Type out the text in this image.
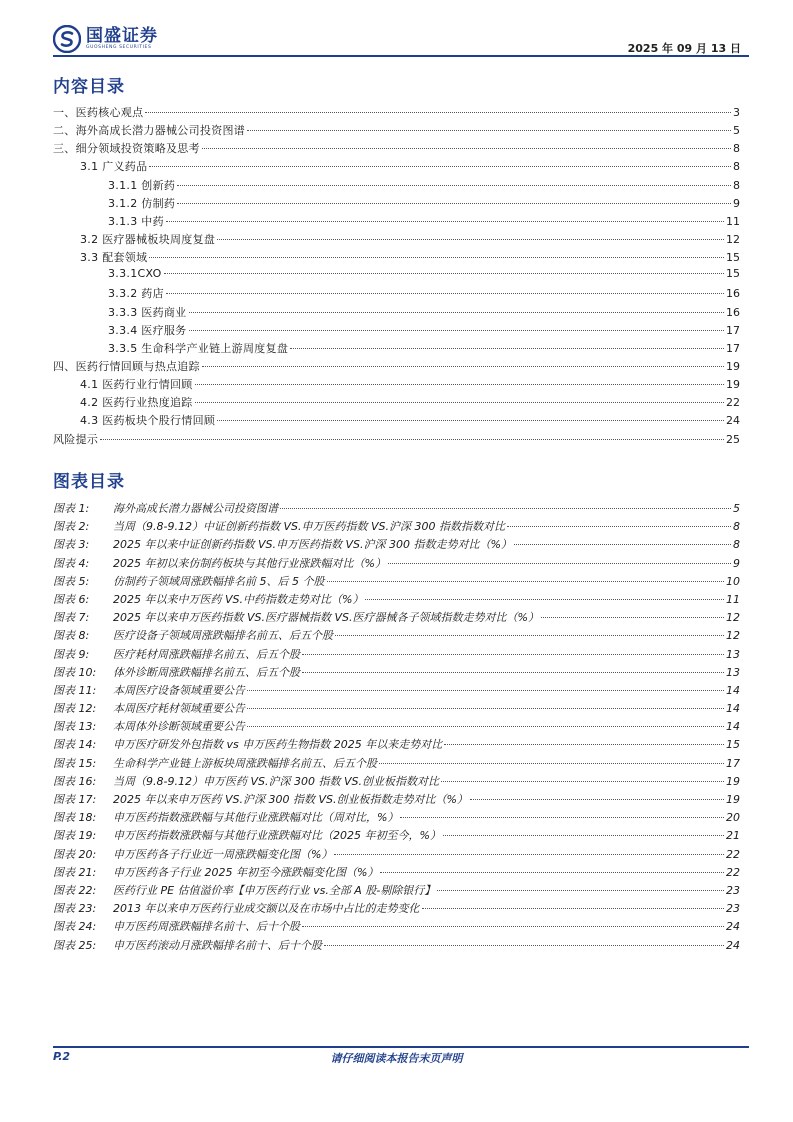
国盛证券
GUOSHENG SECURITIES	2025 年 09 月 13 日
内容目录
一、医药核心观点	3
二、海外高成长潜力器械公司投资图谱	5
三、细分领域投资策略及思考	8
3.1 广义药品	8
3.1.1 创新药	8
3.1.2 仿制药	9
3.1.3 中药	11
3.2 医疗器械板块周度复盘	12
3.3 配套领域	15
3.3.1CXO	15
3.3.2 药店	16
3.3.3 医药商业	16
3.3.4 医疗服务	17
3.3.5 生命科学产业链上游周度复盘	17
四、医药行情回顾与热点追踪	19
4.1 医药行业行情回顾	19
4.2 医药行业热度追踪	22
4.3 医药板块个股行情回顾	24
风险提示	25
图表目录
图表 1:	海外高成长潜力器械公司投资图谱	5
图表 2:	当周（9.8-9.12）中证创新药指数 VS.申万医药指数 VS.沪深 300 指数指数对比	8
图表 3:	2025 年以来中证创新药指数 VS.申万医药指数 VS.沪深 300 指数走势对比（%）	8
图表 4:	2025 年初以来仿制药板块与其他行业涨跌幅对比（%）	9
图表 5:	仿制药子领域周涨跌幅排名前 5、后 5 个股	10
图表 6:	2025 年以来中万医药 VS.中药指数走势对比（%）	11
图表 7:	2025 年以来申万医药指数 VS.医疗器械指数 VS.医疗器械各子领域指数走势对比（%）	12
图表 8:	医疗设备子领域周涨跌幅排名前五、后五个股	12
图表 9:	医疗耗材周涨跌幅排名前五、后五个股	13
图表 10:	体外诊断周涨跌幅排名前五、后五个股	13
图表 11:	本周医疗设备领域重要公告	14
图表 12:	本周医疗耗材领域重要公告	14
图表 13:	本周体外诊断领域重要公告	14
图表 14:	申万医疗研发外包指数 vs 申万医药生物指数 2025 年以来走势对比	15
图表 15:	生命科学产业链上游板块周涨跌幅排名前五、后五个股	17
图表 16:	当周（9.8-9.12）申万医药 VS.沪深 300 指数 VS.创业板指数对比	19
图表 17:	2025 年以来申万医药 VS.沪深 300 指数 VS.创业板指数走势对比（%）	19
图表 18:	申万医药指数涨跌幅与其他行业涨跌幅对比（周对比，%）	20
图表 19:	申万医药指数涨跌幅与其他行业涨跌幅对比（2025 年初至今，%）	21
图表 20:	申万医药各子行业近一周涨跌幅变化图（%）	22
图表 21:	申万医药各子行业 2025 年初至今涨跌幅变化图（%）	22
图表 22:	医药行业 PE 估值溢价率【申万医药行业 vs.全部 A 股-剔除银行】	23
图表 23:	2013 年以来申万医药行业成交额以及在市场中占比的走势变化	23
图表 24:	申万医药周涨跌幅排名前十、后十个股	24
图表 25:	申万医药滚动月涨跌幅排名前十、后十个股	24
P.2	请仔细阅读本报告末页声明
